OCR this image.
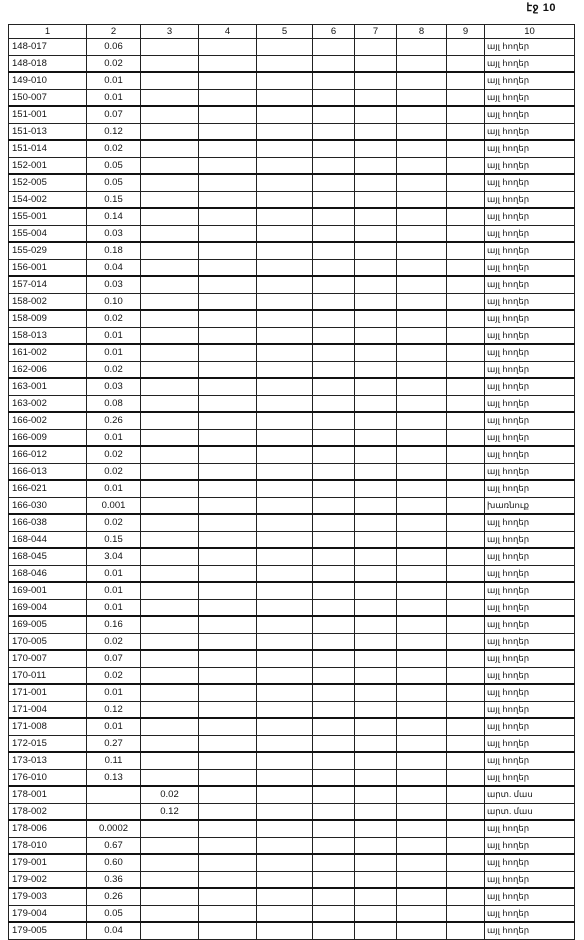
էջ 10
1	2	3	4	5	6	7	8	9	10
148-017	0.06								այլ հողեր
148-018	0.02								այլ հողեր
149-010	0.01								այլ հողեր
150-007	0.01								այլ հողեր
151-001	0.07								այլ հողեր
151-013	0.12								այլ հողեր
151-014	0.02								այլ հողեր
152-001	0.05								այլ հողեր
152-005	0.05								այլ հողեր
154-002	0.15								այլ հողեր
155-001	0.14								այլ հողեր
155-004	0.03								այլ հողեր
155-029	0.18								այլ հողեր
156-001	0.04								այլ հողեր
157-014	0.03								այլ հողեր
158-002	0.10								այլ հողեր
158-009	0.02								այլ հողեր
158-013	0.01								այլ հողեր
161-002	0.01								այլ հողեր
162-006	0.02								այլ հողեր
163-001	0.03								այլ հողեր
163-002	0.08								այլ հողեր
166-002	0.26								այլ հողեր
166-009	0.01								այլ հողեր
166-012	0.02								այլ հողեր
166-013	0.02								այլ հողեր
166-021	0.01								այլ հողեր
166-030	0.001								խառնուք
166-038	0.02								այլ հողեր
168-044	0.15								այլ հողեր
168-045	3.04								այլ հողեր
168-046	0.01								այլ հողեր
169-001	0.01								այլ հողեր
169-004	0.01								այլ հողեր
169-005	0.16								այլ հողեր
170-005	0.02								այլ հողեր
170-007	0.07								այլ հողեր
170-011	0.02								այլ հողեր
171-001	0.01								այլ հողեր
171-004	0.12								այլ հողեր
171-008	0.01								այլ հողեր
172-015	0.27								այլ հողեր
173-013	0.11								այլ հողեր
176-010	0.13								այլ հողեր
178-001		0.02							արտ. մաս
178-002		0.12							արտ. մաս
178-006	0.0002								այլ հողեր
178-010	0.67								այլ հողեր
179-001	0.60								այլ հողեր
179-002	0.36								այլ հողեր
179-003	0.26								այլ հողեր
179-004	0.05								այլ հողեր
179-005	0.04								այլ հողեր
